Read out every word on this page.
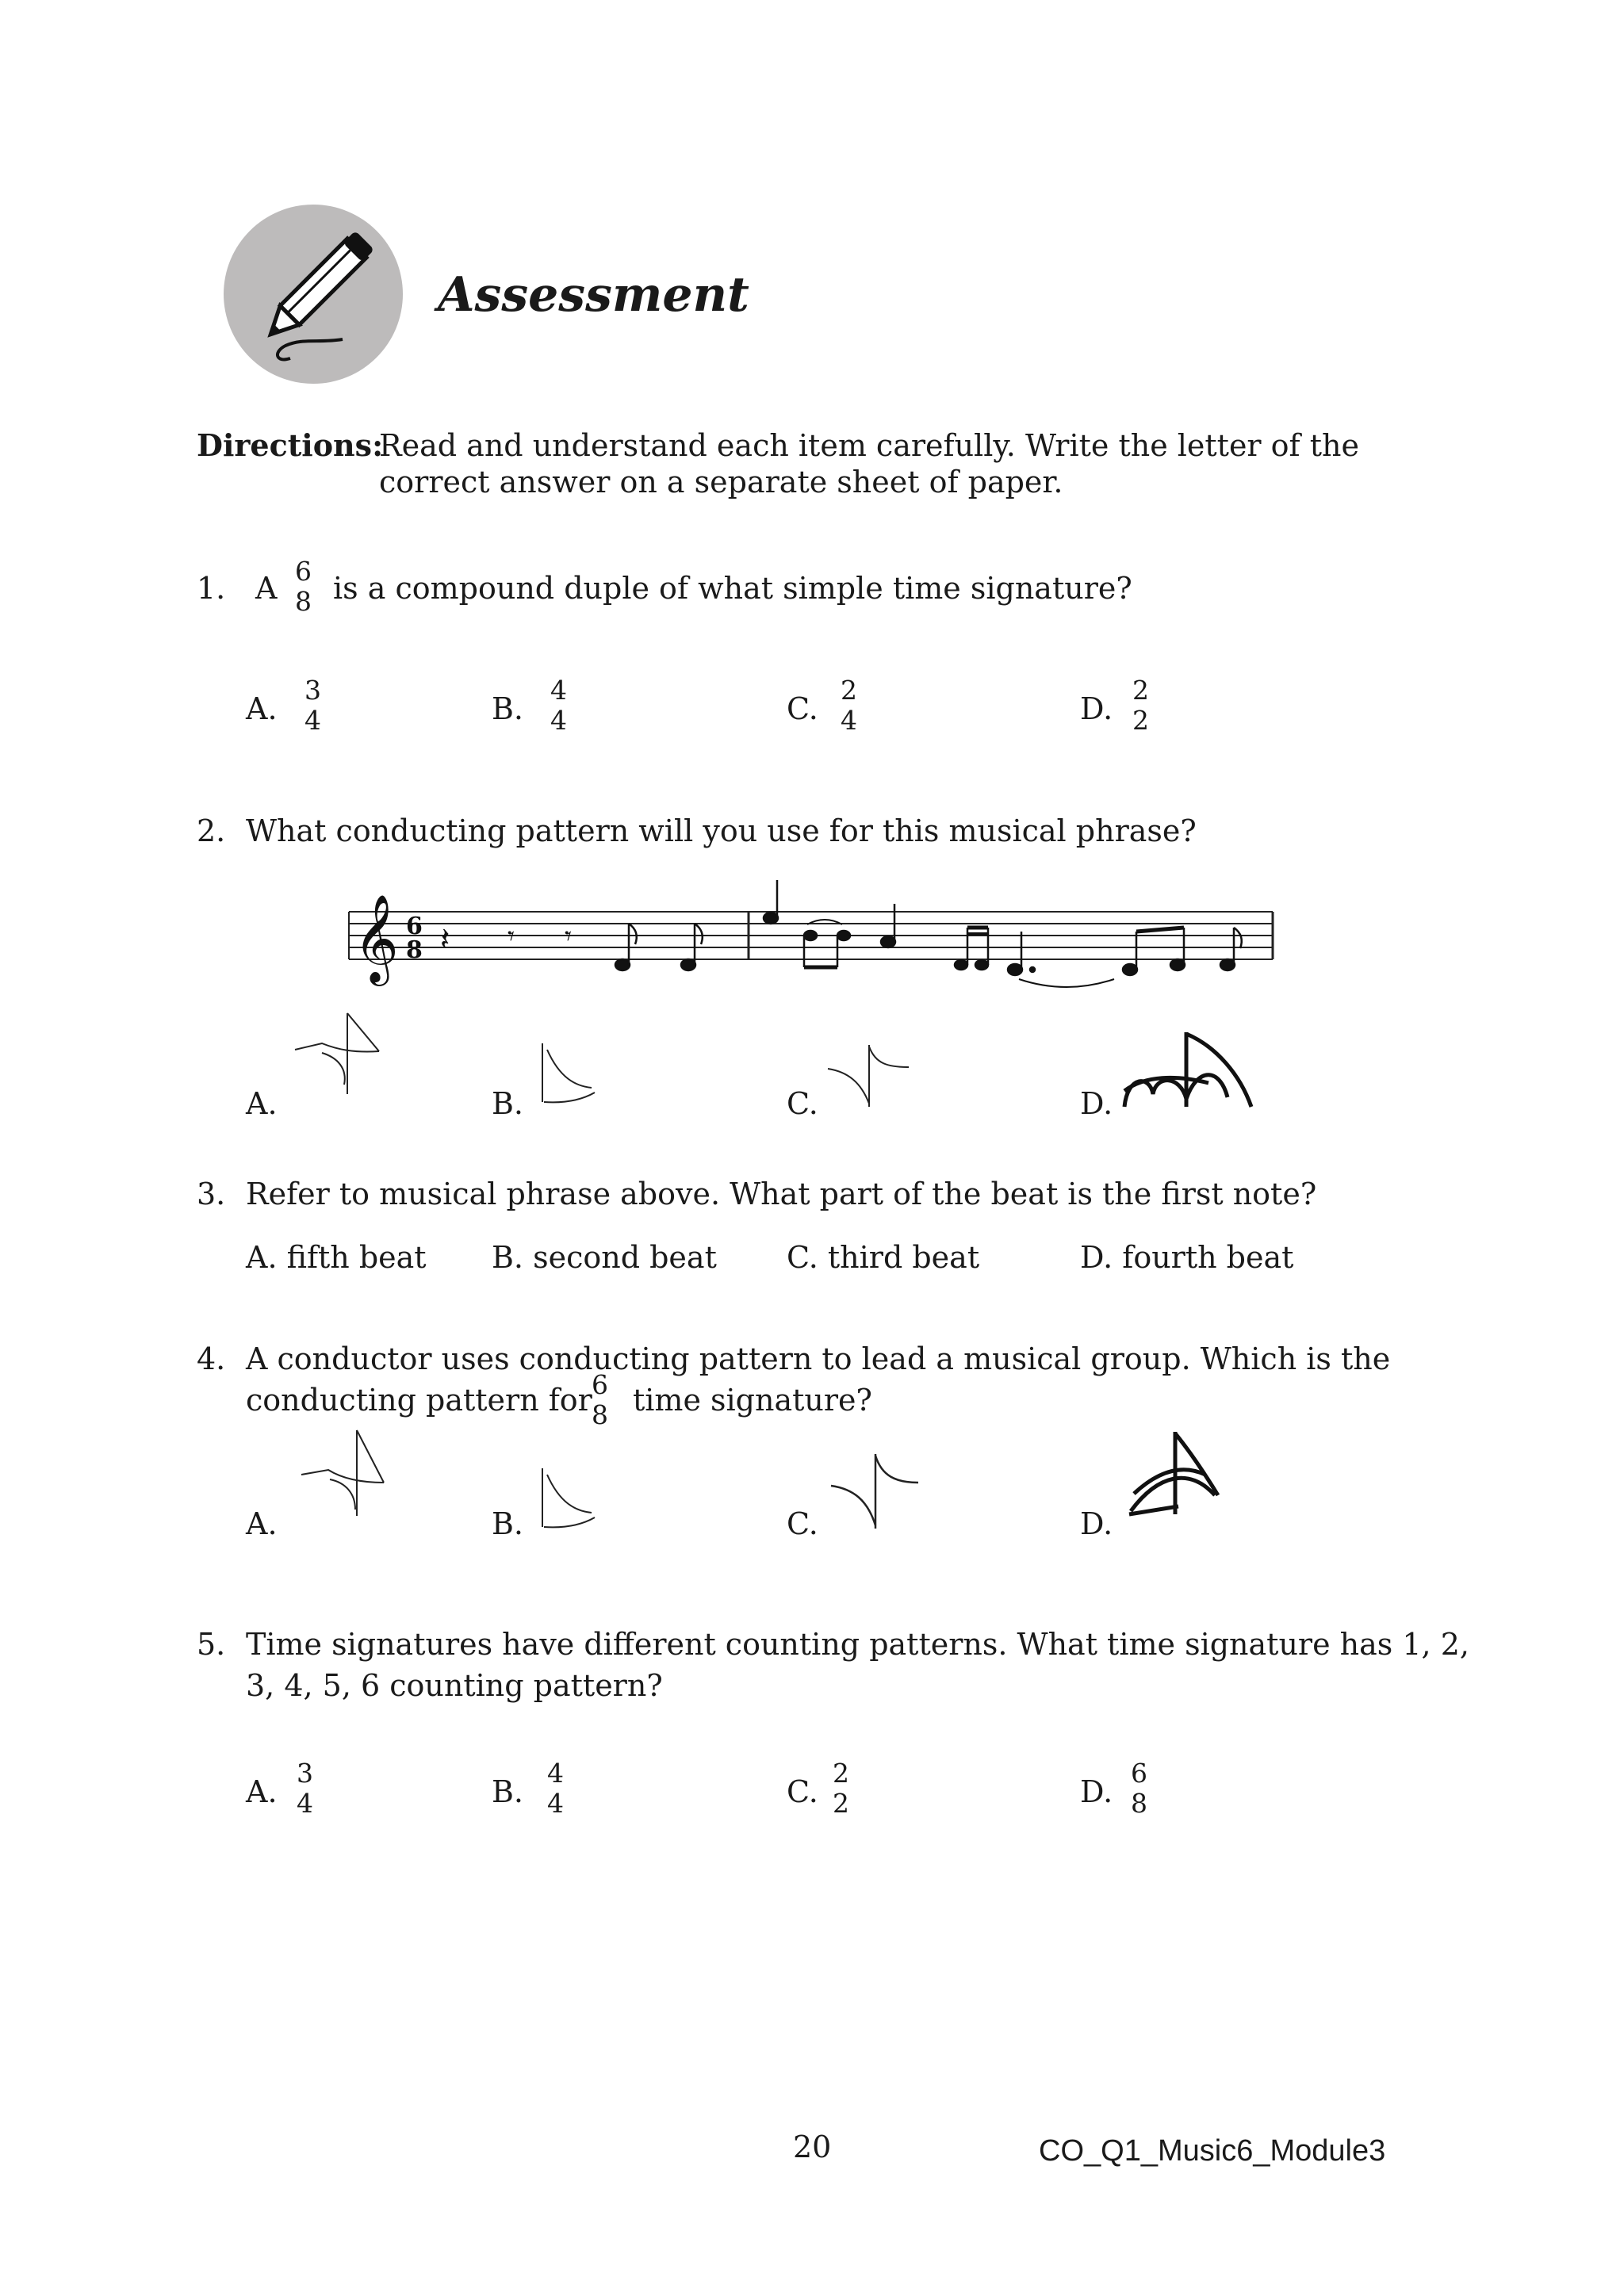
Assessment
Directions:
Read and understand each item carefully. Write the letter of the
correct answer on a separate sheet of paper.
1. A 6
8 is a compound duple of what simple time signature?
A.
3
4	B.
4
4	C.
2
4	D.
2
2
2. What conducting pattern will you use for this musical phrase?
𝄞 6
8 𝄽 𝄾 𝄾
A.	B.	C.	D.
3. Refer to musical phrase above. What part of the beat is the first note?
A. fifth beat B. second beat C. third beat	D. fourth beat
4. A conductor uses conducting pattern to lead a musical group. Which is the
conducting pattern for 6
8 time signature?
A.	B.	C.	D.
5. Time signatures have different counting patterns. What time signature has 1, 2,
3, 4, 5, 6 counting pattern?
A.
3
4	B.
4
4	C.
2
2	D.
6
8
20	CO_Q1_Music6_Module3
